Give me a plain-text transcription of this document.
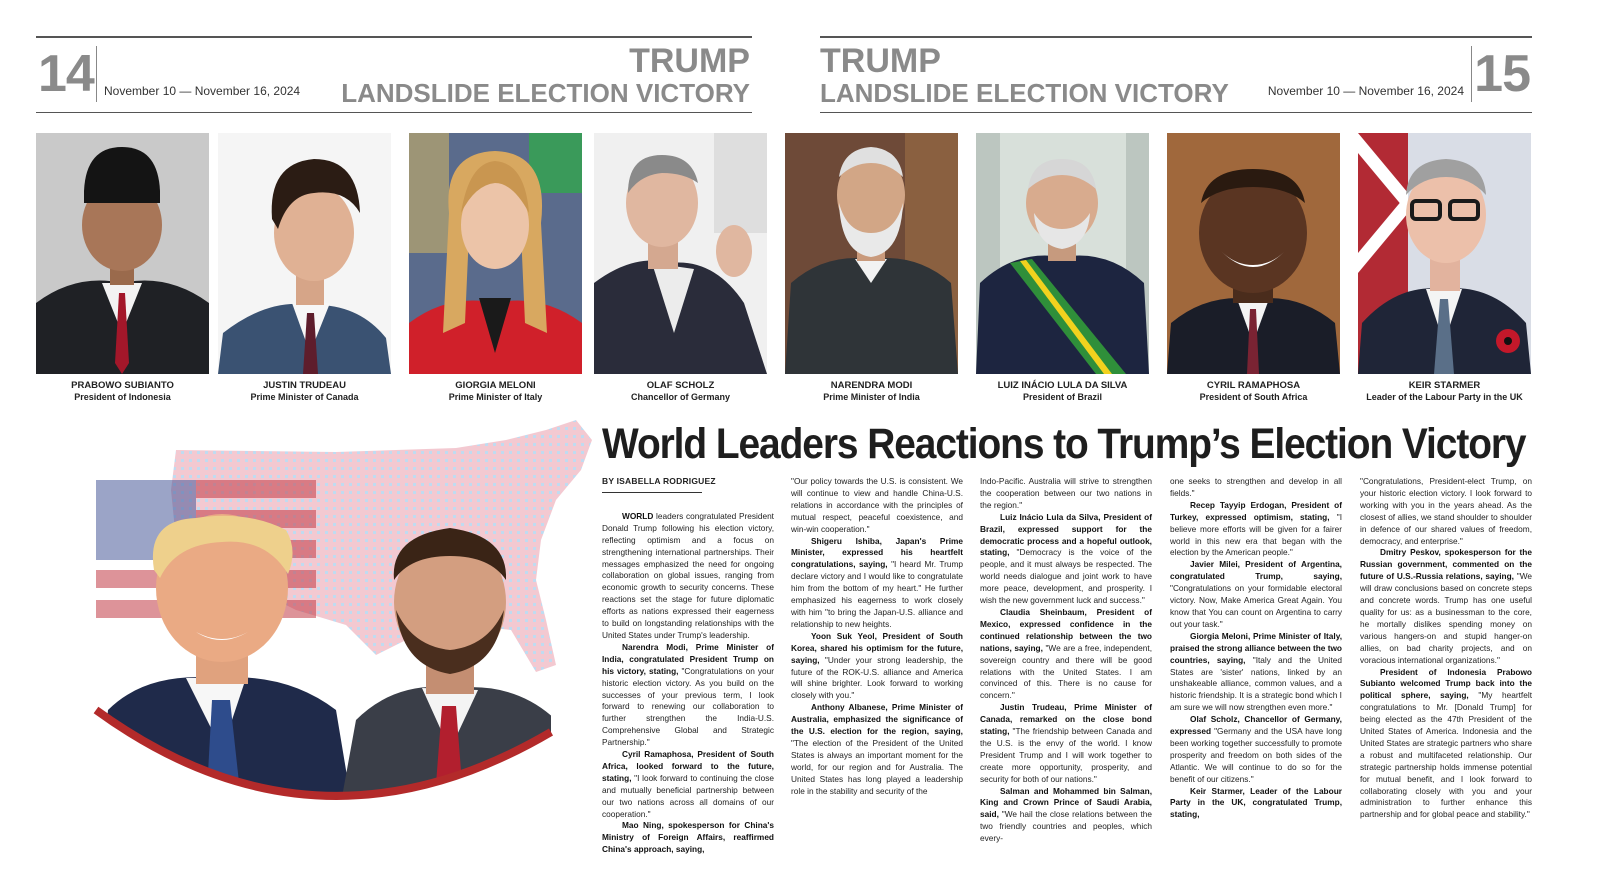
14 November 10 — November 16, 2024
TRUMP
LANDSLIDE ELECTION VICTORY
TRUMP
LANDSLIDE ELECTION VICTORY	November 10 — November 16, 2024 15
PRABOWO SUBIANTO
President of Indonesia
JUSTIN TRUDEAU
Prime Minister of Canada
GIORGIA MELONI
Prime Minister of Italy
OLAF SCHOLZ
Chancellor of Germany
NARENDRA MODI
Prime Minister of India
LUIZ INÁCIO LULA DA SILVA
President of Brazil
CYRIL RAMAPHOSA
President of South Africa
KEIR STARMER
Leader of the Labour Party in the UK
World Leaders Reactions to Trump’s Election Victory
BY ISABELLA RODRIGUEZ

WORLD leaders congratulated President Donald Trump following his election victory, reflecting optimism and a focus on strengthening international partnerships. Their messages emphasized the need for ongoing collaboration on global issues, ranging from economic growth to security concerns. These reactions set the stage for future diplomatic efforts as nations expressed their eagerness to build on longstanding relationships with the United States under Trump's leadership.

Narendra Modi, Prime Minister of India, congratulated President Trump on his victory, stating, "Congratulations on your historic election victory. As you build on the successes of your previous term, I look forward to renewing our collaboration to further strengthen the India-U.S. Comprehensive Global and Strategic Partnership."

Cyril Ramaphosa, President of South Africa, looked forward to the future, stating, "I look forward to continuing the close and mutually beneficial partnership between our two nations across all domains of our cooperation."

Mao Ning, spokesperson for China's Ministry of Foreign Affairs, reaffirmed China's approach, saying,

"Our policy towards the U.S. is consistent. We will continue to view and handle China-U.S. relations in accordance with the principles of mutual respect, peaceful coexistence, and win-win cooperation."

Shigeru Ishiba, Japan's Prime Minister, expressed his heartfelt congratulations, saying, "I heard Mr. Trump declare victory and I would like to congratulate him from the bottom of my heart." He further emphasized his eagerness to work closely with him "to bring the Japan-U.S. alliance and relationship to new heights.

Yoon Suk Yeol, President of South Korea, shared his optimism for the future, saying, "Under your strong leadership, the future of the ROK-U.S. alliance and America will shine brighter. Look forward to working closely with you."

Anthony Albanese, Prime Minister of Australia, emphasized the significance of the U.S. election for the region, saying, "The election of the President of the United States is always an important moment for the world, for our region and for Australia. The United States has long played a leadership role in the stability and security of the

Indo-Pacific. Australia will strive to strengthen the cooperation between our two nations in the region."

Luiz Inácio Lula da Silva, President of Brazil, expressed support for the democratic process and a hopeful outlook, stating, "Democracy is the voice of the people, and it must always be respected. The world needs dialogue and joint work to have more peace, development, and prosperity. I wish the new government luck and success."

Claudia Sheinbaum, President of Mexico, expressed confidence in the continued relationship between the two nations, saying, "We are a free, independent, sovereign country and there will be good relations with the United States. I am convinced of this. There is no cause for concern."

Justin Trudeau, Prime Minister of Canada, remarked on the close bond stating, "The friendship between Canada and the U.S. is the envy of the world. I know President Trump and I will work together to create more opportunity, prosperity, and security for both of our nations."

Salman and Mohammed bin Salman, King and Crown Prince of Saudi Arabia, said, "We hail the close relations between the two friendly countries and peoples, which every-

one seeks to strengthen and develop in all fields."

Recep Tayyip Erdogan, President of Turkey, expressed optimism, stating, "I believe more efforts will be given for a fairer world in this new era that began with the election by the American people."

Javier Milei, President of Argentina, congratulated Trump, saying, "Congratulations on your formidable electoral victory. Now, Make America Great Again. You know that You can count on Argentina to carry out your task."

Giorgia Meloni, Prime Minister of Italy, praised the strong alliance between the two countries, saying, "Italy and the United States are 'sister' nations, linked by an unshakeable alliance, common values, and a historic friendship. It is a strategic bond which I am sure we will now strengthen even more."

Olaf Scholz, Chancellor of Germany, expressed "Germany and the USA have long been working together successfully to promote prosperity and freedom on both sides of the Atlantic. We will continue to do so for the benefit of our citizens."

Keir Starmer, Leader of the Labour Party in the UK, congratulated Trump, stating,

"Congratulations, President-elect Trump, on your historic election victory. I look forward to working with you in the years ahead. As the closest of allies, we stand shoulder to shoulder in defence of our shared values of freedom, democracy, and enterprise."

Dmitry Peskov, spokesperson for the Russian government, commented on the future of U.S.-Russia relations, saying, "We will draw conclusions based on concrete steps and concrete words. Trump has one useful quality for us: as a businessman to the core, he mortally dislikes spending money on various hangers-on and stupid hanger-on allies, on bad charity projects, and on voracious international organizations."

President of Indonesia Prabowo Subianto welcomed Trump back into the political sphere, saying, "My heartfelt congratulations to Mr. [Donald Trump] for being elected as the 47th President of the United States of America. Indonesia and the United States are strategic partners who share a robust and multifaceted relationship. Our strategic partnership holds immense potential for mutual benefit, and I look forward to collaborating closely with you and your administration to further enhance this partnership and for global peace and stability."
